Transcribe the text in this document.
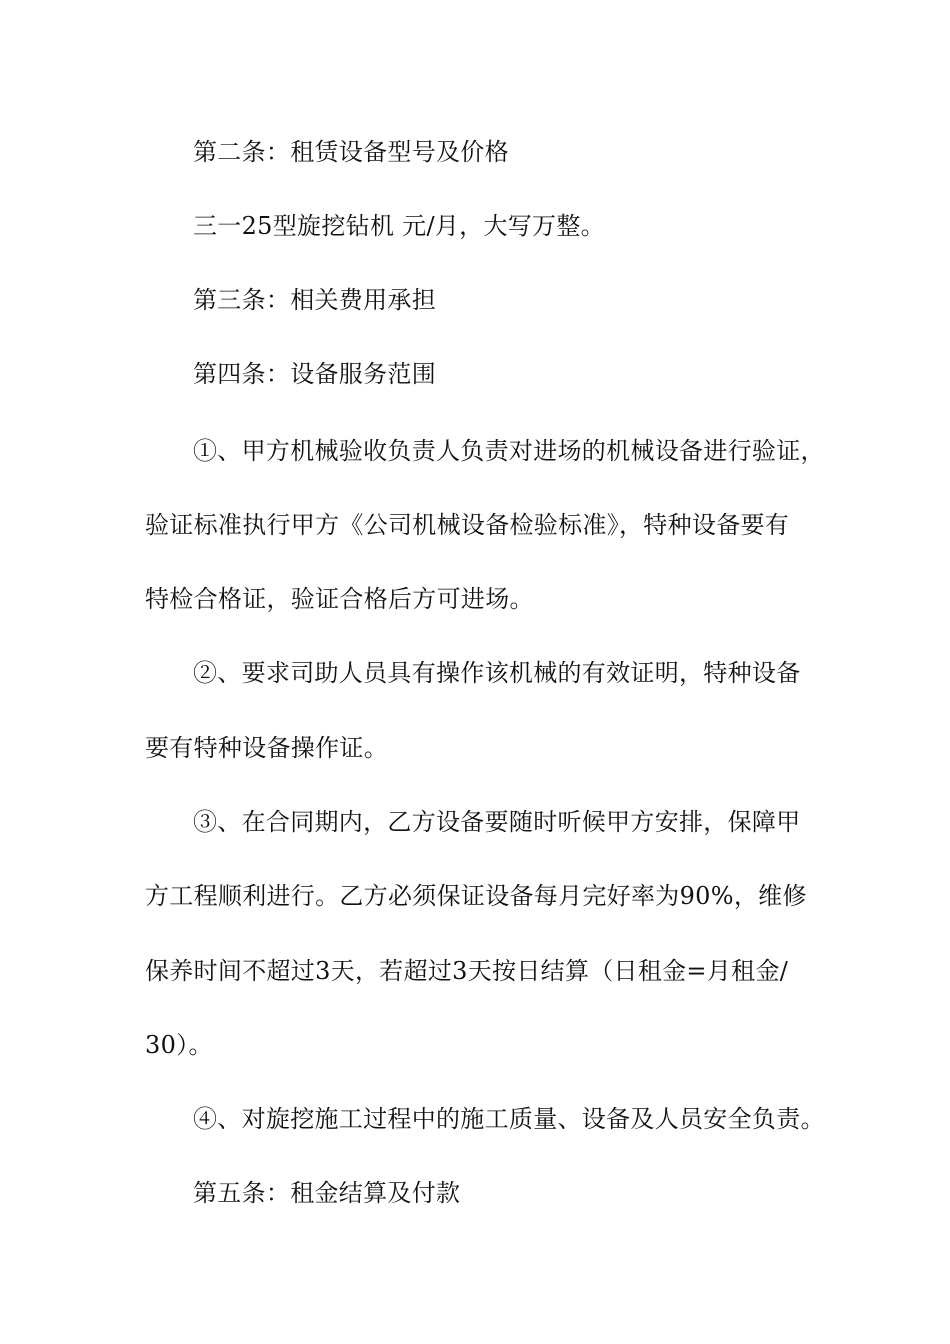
第二条：租赁设备型号及价格
三一25型旋挖钻机 元/月，大写万整。
第三条：相关费用承担
第四条：设备服务范围
①、甲方机械验收负责人负责对进场的机械设备进行验证，
验证标准执行甲方《公司机械设备检验标准》，特种设备要有
特检合格证，验证合格后方可进场。
②、要求司助人员具有操作该机械的有效证明，特种设备
要有特种设备操作证。
③、在合同期内，乙方设备要随时听候甲方安排，保障甲
方工程顺利进行。乙方必须保证设备每月完好率为90%，维修
保养时间不超过3天，若超过3天按日结算（日租金=月租金/
30）。
④、对旋挖施工过程中的施工质量、设备及人员安全负责。
第五条：租金结算及付款
